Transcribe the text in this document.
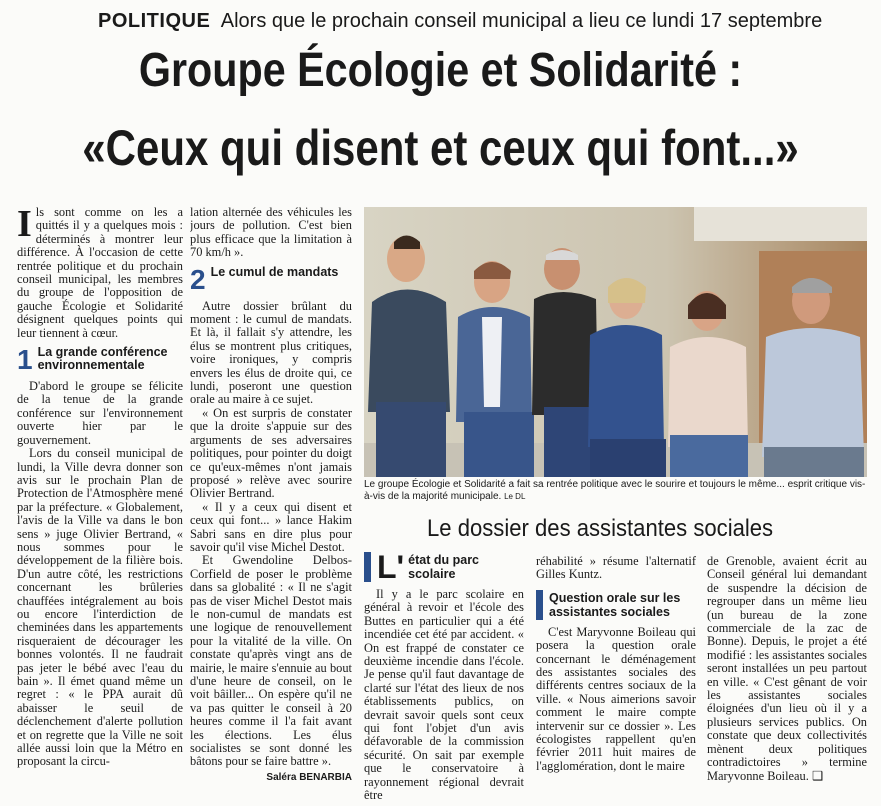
POLITIQUE Alors que le prochain conseil municipal a lieu ce lundi 17 septembre
Groupe Écologie et Solidarité :
«Ceux qui disent et ceux qui font...»

Ils sont comme on les a quittés il y a quelques mois : déterminés à montrer leur différence. À l'occasion de cette rentrée politique et du prochain conseil municipal, les membres du groupe de l'opposition de gauche Écologie et Solidarité désignent quelques points qui leur tiennent à cœur.

1 La grande conférence environnementale

D'abord le groupe se félicite de la tenue de la grande conférence sur l'environnement ouverte hier par le gouvernement.

Lors du conseil municipal de lundi, la Ville devra donner son avis sur le prochain Plan de Protection de l'Atmosphère mené par la préfecture. « Globalement, l'avis de la Ville va dans le bon sens » juge Olivier Bertrand, « nous sommes pour le développement de la filière bois. D'un autre côté, les restrictions concernant les brûleries chauffées intégralement au bois ou encore l'interdiction de cheminées dans les appartements risqueraient de décourager les bonnes volontés. Il ne faudrait pas jeter le bébé avec l'eau du bain ». Il émet quand même un regret : « le PPA aurait dû abaisser le seuil de déclenchement d'alerte pollution et on regrette que la Ville ne soit allée aussi loin que la Métro en proposant la circu-

lation alternée des véhicules les jours de pollution. C'est bien plus efficace que la limitation à 70 km/h ».

2 Le cumul de mandats

Autre dossier brûlant du moment : le cumul de mandats. Et là, il fallait s'y attendre, les élus se montrent plus critiques, voire ironiques, y compris envers les élus de droite qui, ce lundi, poseront une question orale au maire à ce sujet.

« On est surpris de constater que la droite s'appuie sur des arguments de ses adversaires politiques, pour pointer du doigt ce qu'eux-mêmes n'ont jamais proposé » relève avec sourire Olivier Bertrand.

« Il y a ceux qui disent et ceux qui font... » lance Hakim Sabri sans en dire plus pour savoir qu'il vise Michel Destot.

Et Gwendoline Delbos-Corfield de poser le problème dans sa globalité : « Il ne s'agit pas de viser Michel Destot mais le non-cumul de mandats est une logique de renouvellement pour la vitalité de la ville. On constate qu'après vingt ans de mairie, le maire s'ennuie au bout d'une heure de conseil, on le voit bâiller... On espère qu'il ne va pas quitter le conseil à 20 heures comme il l'a fait avant les élections. Les élus socialistes se sont donné les bâtons pour se faire battre ».

Saléra BENARBIA
Le groupe Écologie et Solidarité a fait sa rentrée politique avec le sourire et toujours le même... esprit critique vis-à-vis de la majorité municipale. Le DL
Le dossier des assistantes sociales
L' état du parc scolaire

Il y a le parc scolaire en général à revoir et l'école des Buttes en particulier qui a été incendiée cet été par accident. « On est frappé de constater ce deuxième incendie dans l'école. Je pense qu'il faut davantage de clarté sur l'état des lieux de nos établissements publics, on devrait savoir quels sont ceux qui font l'objet d'un avis défavorable de la commission sécurité. On sait par exemple que le conservatoire à rayonnement régional devrait être

réhabilité » résume l'alternatif Gilles Kuntz.

Question orale sur les assistantes sociales

C'est Maryvonne Boileau qui posera la question orale concernant le déménagement des assistantes sociales des différents centres sociaux de la ville. « Nous aimerions savoir comment le maire compte intervenir sur ce dossier ». Les écologistes rappellent qu'en février 2011 huit maires de l'agglomération, dont le maire

de Grenoble, avaient écrit au Conseil général lui demandant de suspendre la décision de regrouper dans un même lieu (un bureau de la zone commerciale de la zac de Bonne). Depuis, le projet a été modifié : les assistantes sociales seront installées un peu partout en ville. « C'est gênant de voir les assistantes sociales éloignées d'un lieu où il y a plusieurs services publics. On constate que deux collectivités mènent deux politiques contradictoires » termine Maryvonne Boileau. ❑
